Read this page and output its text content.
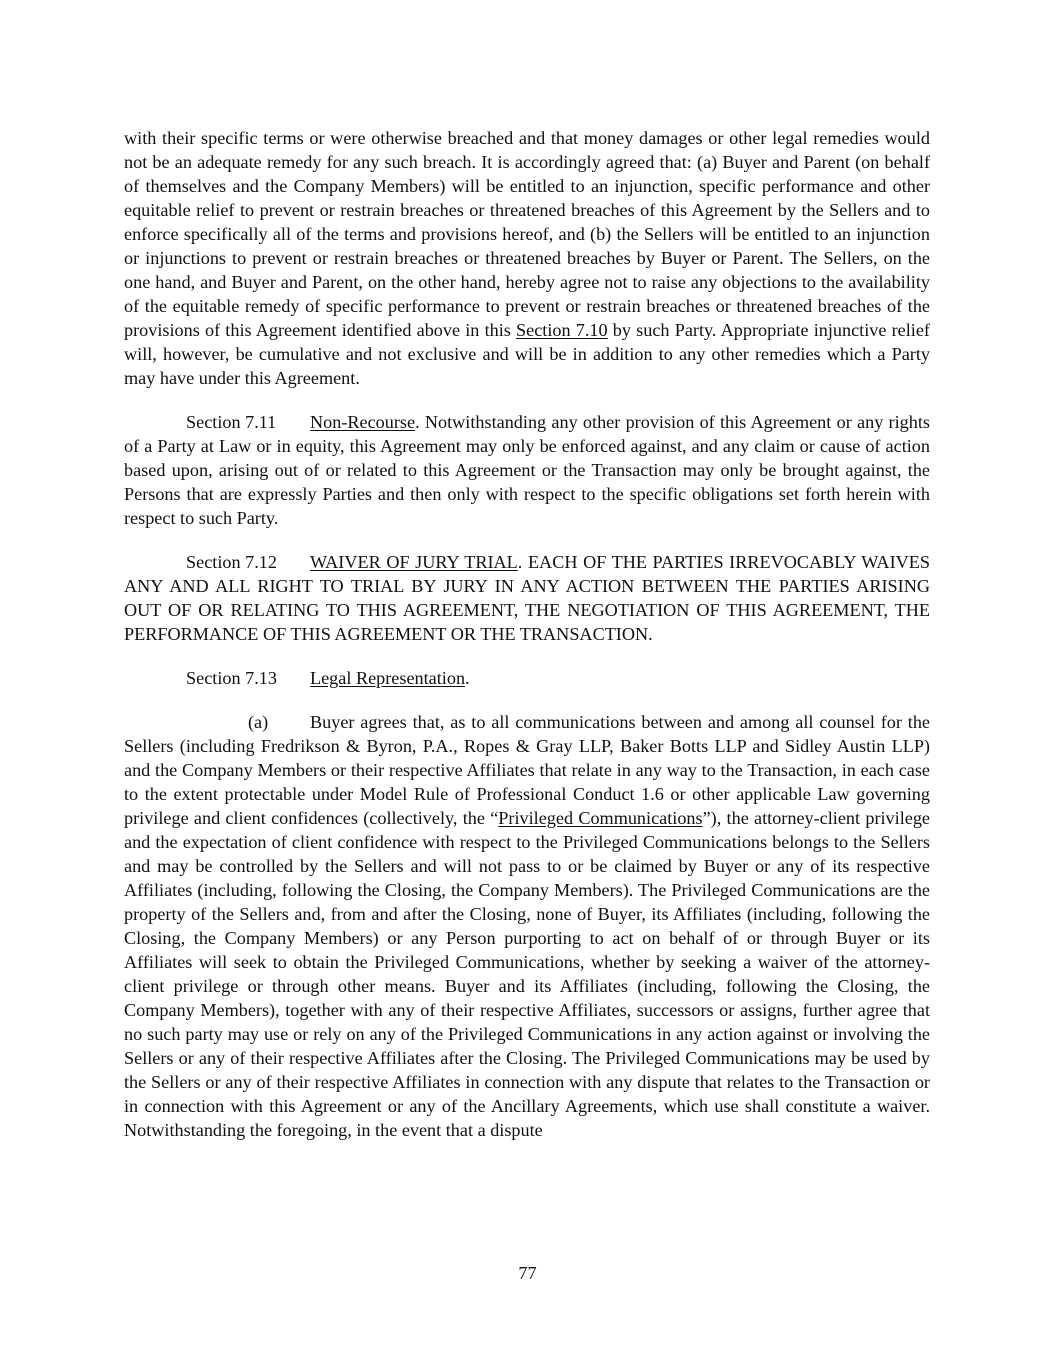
with their specific terms or were otherwise breached and that money damages or other legal remedies would not be an adequate remedy for any such breach. It is accordingly agreed that: (a) Buyer and Parent (on behalf of themselves and the Company Members) will be entitled to an injunction, specific performance and other equitable relief to prevent or restrain breaches or threatened breaches of this Agreement by the Sellers and to enforce specifically all of the terms and provisions hereof, and (b) the Sellers will be entitled to an injunction or injunctions to prevent or restrain breaches or threatened breaches by Buyer or Parent. The Sellers, on the one hand, and Buyer and Parent, on the other hand, hereby agree not to raise any objections to the availability of the equitable remedy of specific performance to prevent or restrain breaches or threatened breaches of the provisions of this Agreement identified above in this Section 7.10 by such Party. Appropriate injunctive relief will, however, be cumulative and not exclusive and will be in addition to any other remedies which a Party may have under this Agreement.

Section 7.11 Non-Recourse. Notwithstanding any other provision of this Agreement or any rights of a Party at Law or in equity, this Agreement may only be enforced against, and any claim or cause of action based upon, arising out of or related to this Agreement or the Transaction may only be brought against, the Persons that are expressly Parties and then only with respect to the specific obligations set forth herein with respect to such Party.

Section 7.12 WAIVER OF JURY TRIAL. EACH OF THE PARTIES IRREVOCABLY WAIVES ANY AND ALL RIGHT TO TRIAL BY JURY IN ANY ACTION BETWEEN THE PARTIES ARISING OUT OF OR RELATING TO THIS AGREEMENT, THE NEGOTIATION OF THIS AGREEMENT, THE PERFORMANCE OF THIS AGREEMENT OR THE TRANSACTION.

Section 7.13 Legal Representation.

(a) Buyer agrees that, as to all communications between and among all counsel for the Sellers (including Fredrikson & Byron, P.A., Ropes & Gray LLP, Baker Botts LLP and Sidley Austin LLP) and the Company Members or their respective Affiliates that relate in any way to the Transaction, in each case to the extent protectable under Model Rule of Professional Conduct 1.6 or other applicable Law governing privilege and client confidences (collectively, the “Privileged Communications”), the attorney-client privilege and the expectation of client confidence with respect to the Privileged Communications belongs to the Sellers and may be controlled by the Sellers and will not pass to or be claimed by Buyer or any of its respective Affiliates (including, following the Closing, the Company Members). The Privileged Communications are the property of the Sellers and, from and after the Closing, none of Buyer, its Affiliates (including, following the Closing, the Company Members) or any Person purporting to act on behalf of or through Buyer or its Affiliates will seek to obtain the Privileged Communications, whether by seeking a waiver of the attorney-client privilege or through other means. Buyer and its Affiliates (including, following the Closing, the Company Members), together with any of their respective Affiliates, successors or assigns, further agree that no such party may use or rely on any of the Privileged Communications in any action against or involving the Sellers or any of their respective Affiliates after the Closing. The Privileged Communications may be used by the Sellers or any of their respective Affiliates in connection with any dispute that relates to the Transaction or in connection with this Agreement or any of the Ancillary Agreements, which use shall constitute a waiver. Notwithstanding the foregoing, in the event that a dispute

77
